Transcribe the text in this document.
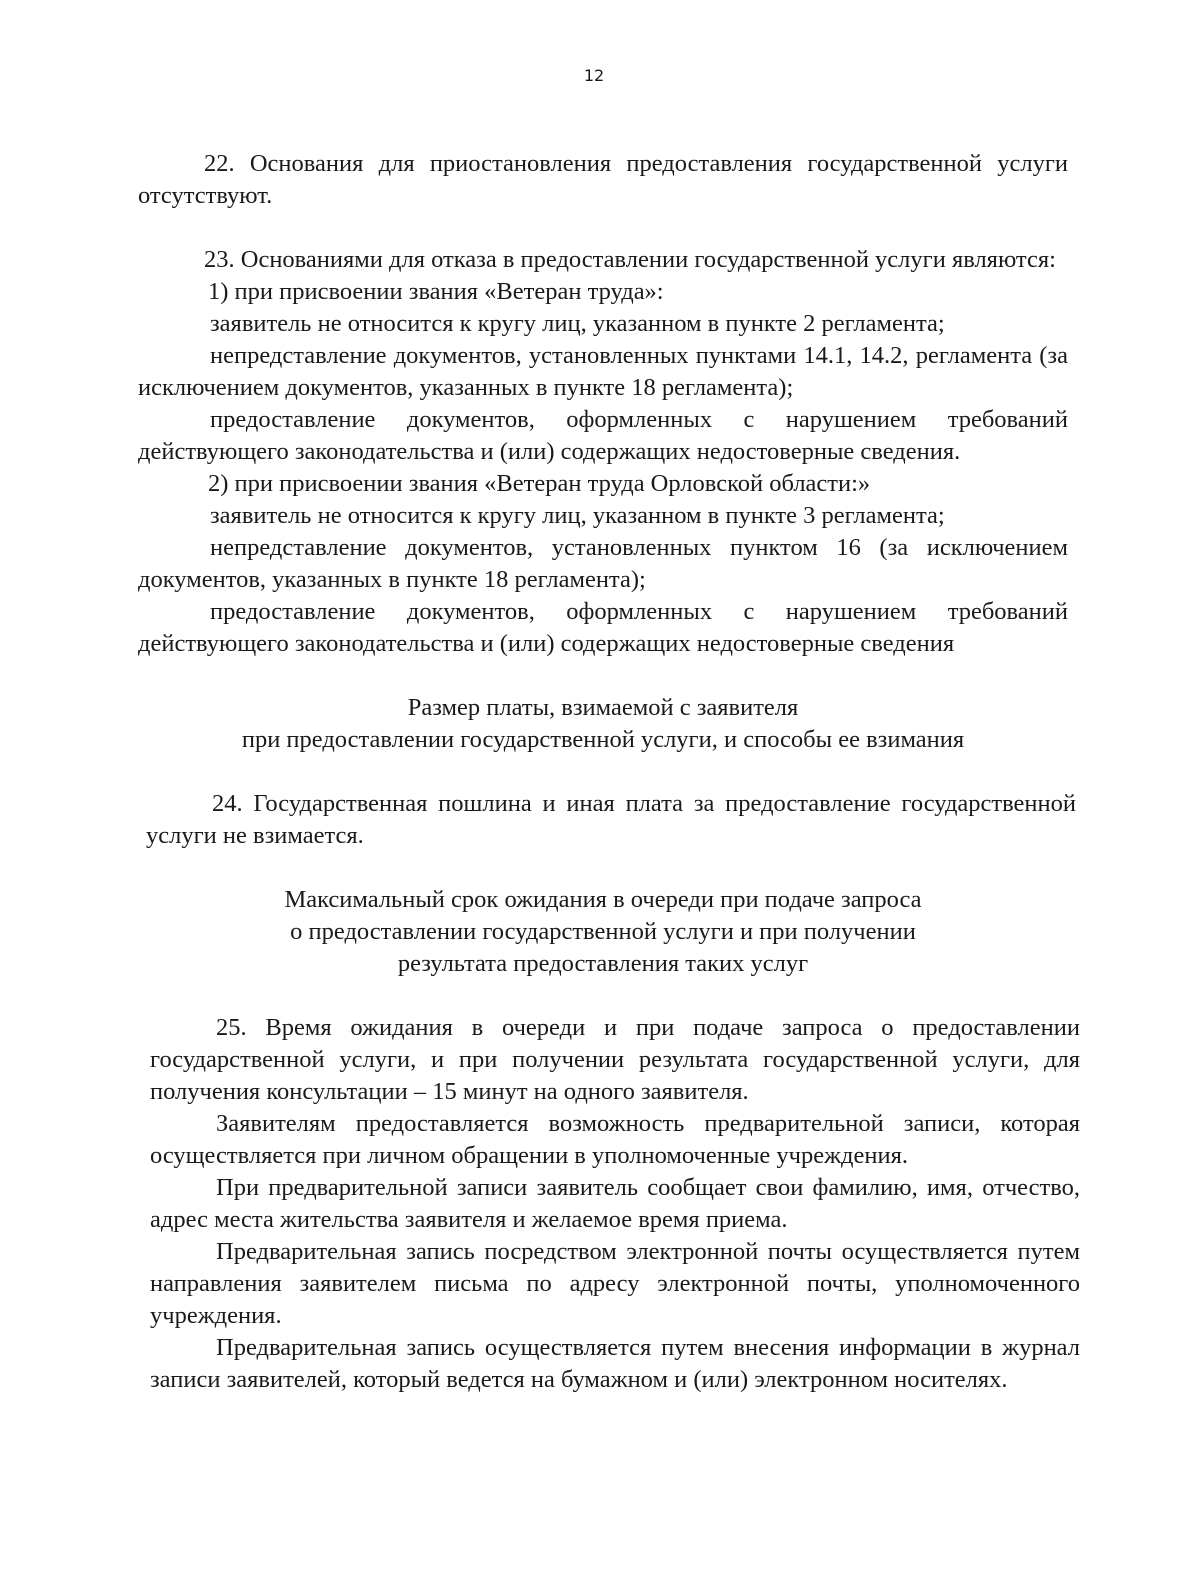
12

22. Основания для приостановления предоставления государственной услуги отсутствуют.

23. Основаниями для отказа в предоставлении государственной услуги являются:

1) при присвоении звания «Ветеран труда»:

заявитель не относится к кругу лиц, указанном в пункте 2 регламента;

непредставление документов, установленных пунктами 14.1, 14.2, регламента (за исключением документов, указанных в пункте 18 регламента);

предоставление документов, оформленных с нарушением требований действующего законодательства и (или) содержащих недостоверные сведения.

2) при присвоении звания «Ветеран труда Орловской области:»

заявитель не относится к кругу лиц, указанном в пункте 3 регламента;

непредставление документов, установленных пунктом 16 (за исключением документов, указанных в пункте 18 регламента);

предоставление документов, оформленных с нарушением требований действующего законодательства и (или) содержащих недостоверные сведения

Размер платы, взимаемой с заявителя

при предоставлении государственной услуги, и способы ее взимания

24. Государственная пошлина и иная плата за предоставление государственной услуги не взимается.

Максимальный срок ожидания в очереди при подаче запроса

о предоставлении государственной услуги и при получении

результата предоставления таких услуг

25. Время ожидания в очереди и при подаче запроса о предоставлении государственной услуги, и при получении результата государственной услуги, для получения консультации – 15 минут на одного заявителя.

Заявителям предоставляется возможность предварительной записи, которая осуществляется при личном обращении в уполномоченные учреждения.

При предварительной записи заявитель сообщает свои фамилию, имя, отчество, адрес места жительства заявителя и желаемое время приема.

Предварительная запись посредством электронной почты осуществляется путем направления заявителем письма по адресу электронной почты, уполномоченного учреждения.

Предварительная запись осуществляется путем внесения информации в журнал записи заявителей, который ведется на бумажном и (или) электронном носителях.
